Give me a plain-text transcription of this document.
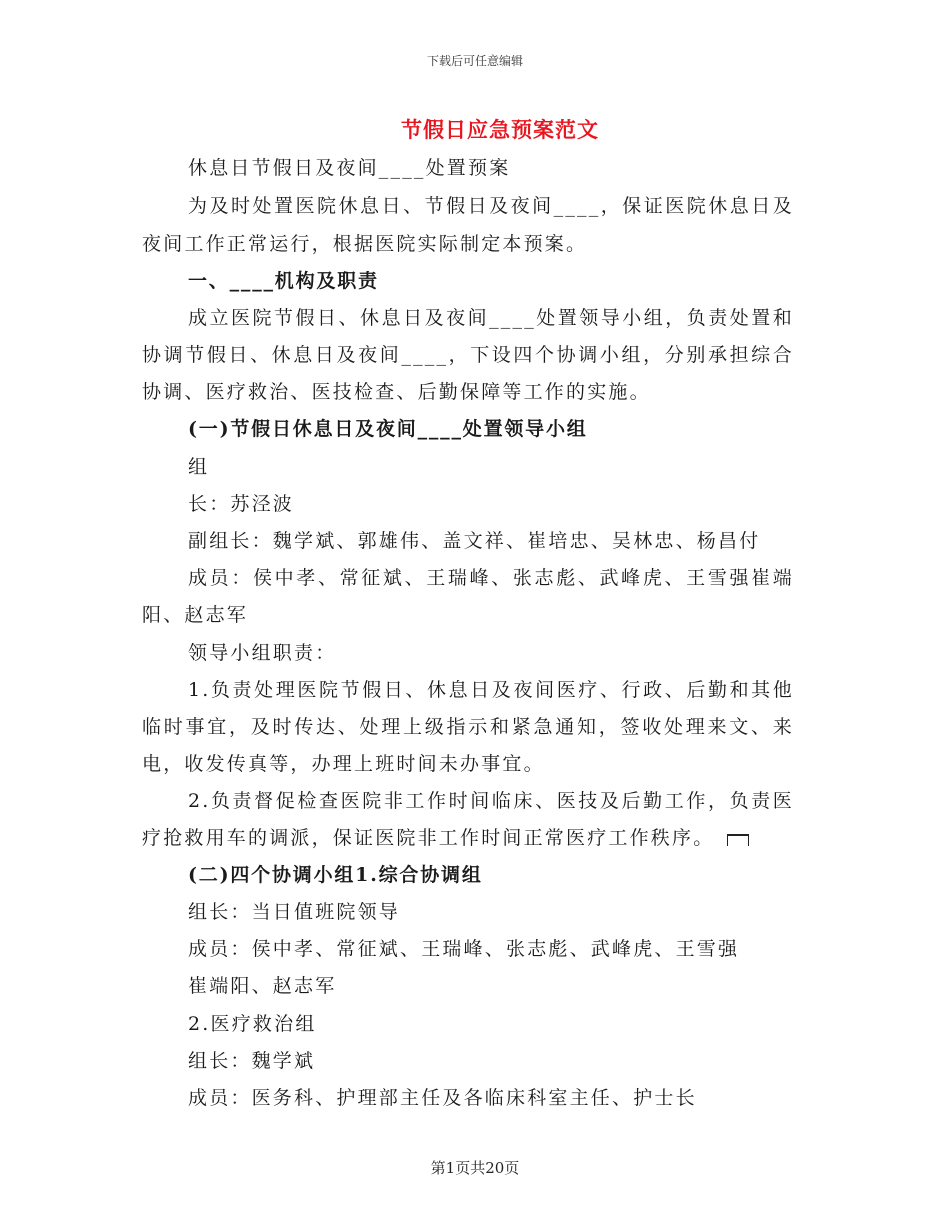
下载后可任意编辑
节假日应急预案范文
休息日节假日及夜间____处置预案
为及时处置医院休息日、节假日及夜间____，保证医院休息日及
夜间工作正常运行，根据医院实际制定本预案。
一、____机构及职责
成立医院节假日、休息日及夜间____处置领导小组，负责处置和
协调节假日、休息日及夜间____，下设四个协调小组，分别承担综合
协调、医疗救治、医技检查、后勤保障等工作的实施。
(一)节假日休息日及夜间____处置领导小组
组
长：苏泾波
副组长：魏学斌、郭雄伟、盖文祥、崔培忠、吴林忠、杨昌付
成员：侯中孝、常征斌、王瑞峰、张志彪、武峰虎、王雪强崔端
阳、赵志军
领导小组职责：
1.负责处理医院节假日、休息日及夜间医疗、行政、后勤和其他
临时事宜，及时传达、处理上级指示和紧急通知，签收处理来文、来
电，收发传真等，办理上班时间未办事宜。
2.负责督促检查医院非工作时间临床、医技及后勤工作，负责医
疗抢救用车的调派，保证医院非工作时间正常医疗工作秩序。
(二)四个协调小组1.综合协调组
组长：当日值班院领导
成员：侯中孝、常征斌、王瑞峰、张志彪、武峰虎、王雪强
崔端阳、赵志军
2.医疗救治组
组长：魏学斌
成员：医务科、护理部主任及各临床科室主任、护士长
第1页共20页
